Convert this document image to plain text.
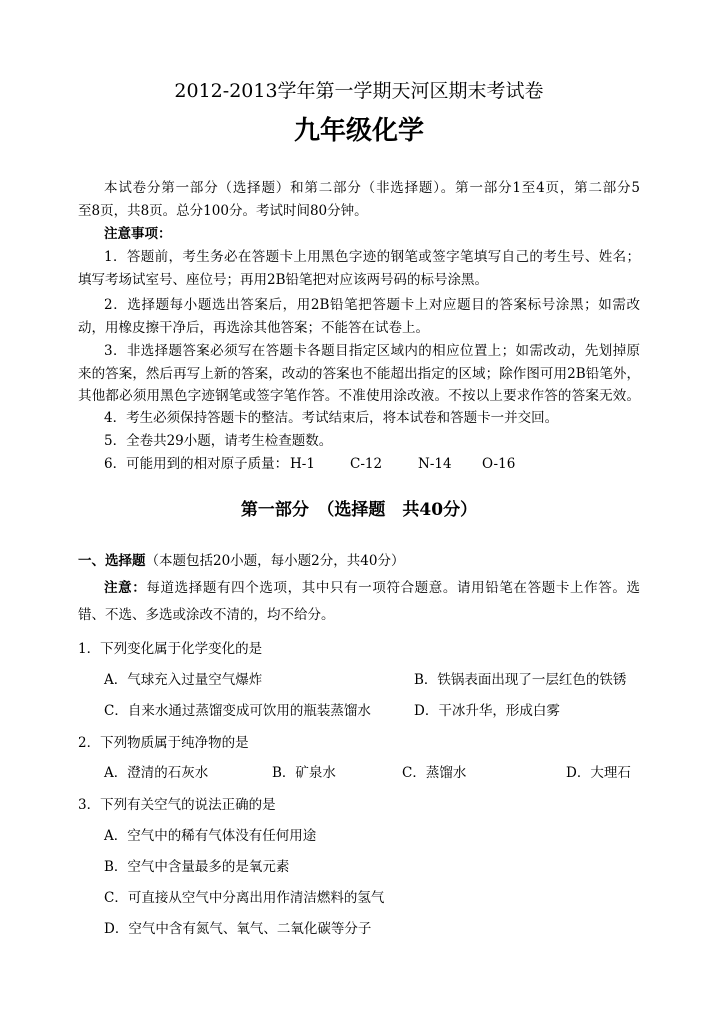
2012-2013学年第一学期天河区期末考试卷
九年级化学
本试卷分第一部分（选择题）和第二部分（非选择题）。第一部分1至4页，第二部分5
至8页，共8页。总分100分。考试时间80分钟。
注意事项：
1．答题前，考生务必在答题卡上用黑色字迹的钢笔或签字笔填写自己的考生号、姓名；
填写考场试室号、座位号；再用2B铅笔把对应该两号码的标号涂黑。
2．选择题每小题选出答案后，用2B铅笔把答题卡上对应题目的答案标号涂黑；如需改
动，用橡皮擦干净后，再选涂其他答案；不能答在试卷上。
3．非选择题答案必须写在答题卡各题目指定区域内的相应位置上；如需改动，先划掉原
来的答案，然后再写上新的答案，改动的答案也不能超出指定的区域；除作图可用2B铅笔外，
其他都必须用黑色字迹钢笔或签字笔作答。不准使用涂改液。不按以上要求作答的答案无效。
4．考生必须保持答题卡的整洁。考试结束后，将本试卷和答题卡一并交回。
5．全卷共29小题，请考生检查题数。
6．可能用到的相对原子质量： H-1	C-12	N-14 O-16
第一部分　（选择题　共40分）
一、选择题（本题包括20小题，每小题2分，共40分）
注意：每道选择题有四个选项，其中只有一项符合题意。请用铅笔在答题卡上作答。选
错、不选、多选或涂改不清的，均不给分。
1．下列变化属于化学变化的是
A．气球充入过量空气爆炸	B．铁锅表面出现了一层红色的铁锈
C．自来水通过蒸馏变成可饮用的瓶装蒸馏水	D．干冰升华，形成白雾
2．下列物质属于纯净物的是
A．澄清的石灰水	B．矿泉水	C．蒸馏水	D．大理石
3．下列有关空气的说法正确的是
A．空气中的稀有气体没有任何用途
B．空气中含量最多的是氧元素
C．可直接从空气中分离出用作清洁燃料的氢气
D．空气中含有氮气、氧气、二氧化碳等分子
